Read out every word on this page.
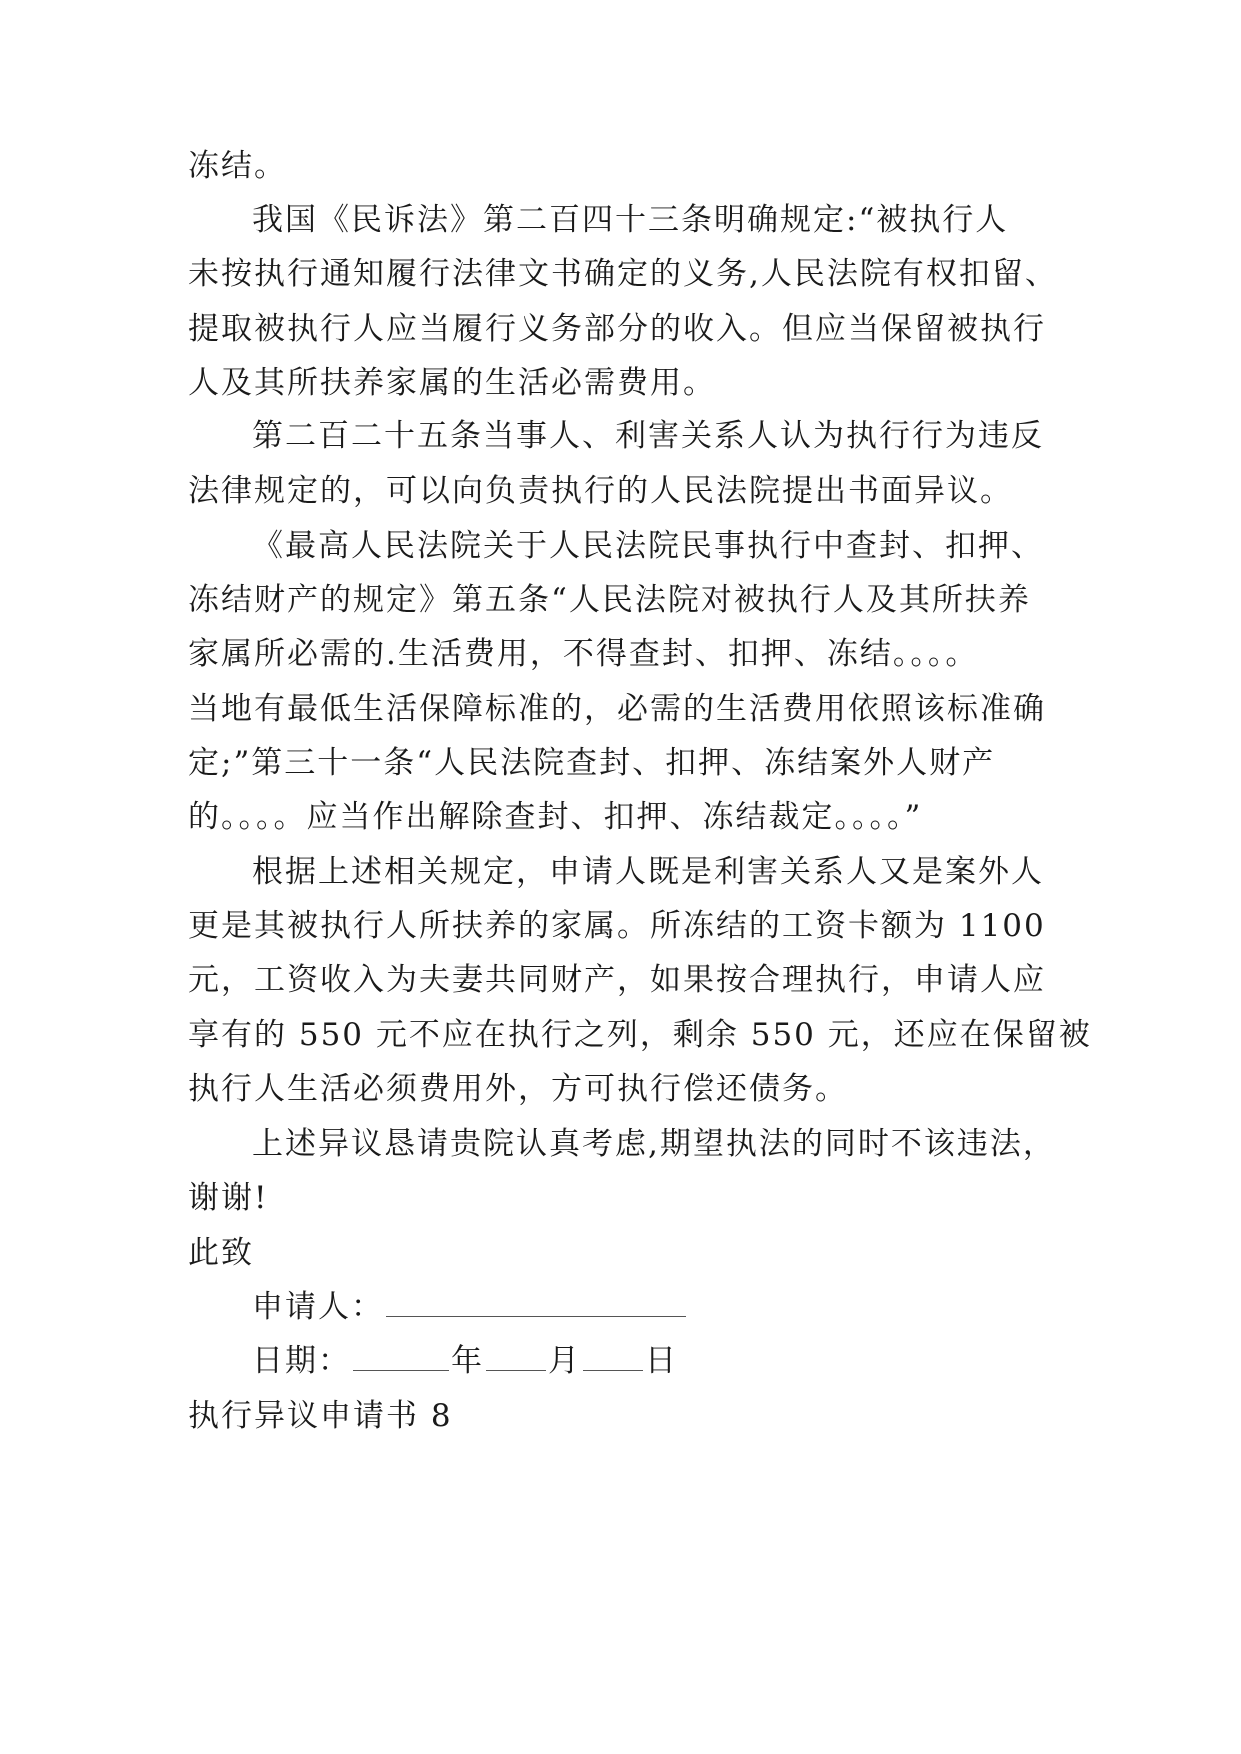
冻结。
我国《民诉法》第二百四十三条明确规定:“被执行人
未按执行通知履行法律文书确定的义务,人民法院有权扣留、
提取被执行人应当履行义务部分的收入。但应当保留被执行
人及其所扶养家属的生活必需费用。
第二百二十五条当事人、利害关系人认为执行行为违反
法律规定的，可以向负责执行的人民法院提出书面异议。
《最高人民法院关于人民法院民事执行中查封、扣押、
冻结财产的规定》第五条“人民法院对被执行人及其所扶养
家属所必需的.生活费用，不得查封、扣押、冻结。。。。
当地有最低生活保障标准的，必需的生活费用依照该标准确
定;”第三十一条“人民法院查封、扣押、冻结案外人财产
的。。。。应当作出解除查封、扣押、冻结裁定。。。。”
根据上述相关规定，申请人既是利害关系人又是案外人
更是其被执行人所扶养的家属。所冻结的工资卡额为 1100
元，工资收入为夫妻共同财产，如果按合理执行，申请人应
享有的 550 元不应在执行之列，剩余 550 元，还应在保留被
执行人生活必须费用外，方可执行偿还债务。
上述异议恳请贵院认真考虑,期望执法的同时不该违法，
谢谢!
此致
申请人：
日期：	年 月 日
执行异议申请书 8
